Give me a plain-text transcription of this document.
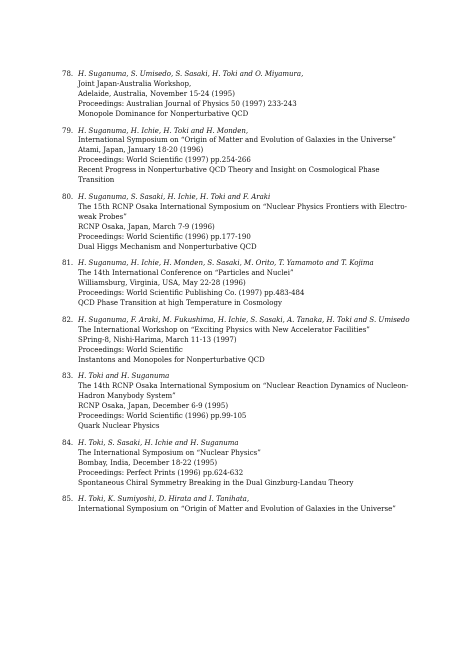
78. H. Suganuma, S. Umisedo, S. Sasaki, H. Toki and O. Miyamura,
Joint Japan-Australia Workshop,
Adelaide, Australia, November 15-24 (1995)
Proceedings: Australian Journal of Physics 50 (1997) 233-243
Monopole Dominance for Nonperturbative QCD
79. H. Suganuma, H. Ichie, H. Toki and H. Monden,
International Symposium on “Origin of Matter and Evolution of Galaxies in the Universe”
Atami, Japan, January 18-20 (1996)
Proceedings: World Scientific (1997) pp.254-266
Recent Progress in Nonperturbative QCD Theory and Insight on Cosmological Phase Transition
80. H. Suganuma, S. Sasaki, H. Ichie, H. Toki and F. Araki
The 15th RCNP Osaka International Symposium on “Nuclear Physics Frontiers with Electro-weak Probes”
RCNP Osaka, Japan, March 7-9 (1996)
Proceedings: World Scientific (1996) pp.177-190
Dual Higgs Mechanism and Nonperturbative QCD
81. H. Suganuma, H. Ichie, H. Monden, S. Sasaki, M. Orito, T. Yamamoto and T. Kojima
The 14th International Conference on “Particles and Nuclei”
Williamsburg, Virginia, USA, May 22-28 (1996)
Proceedings: World Scientific Publishing Co. (1997) pp.483-484
QCD Phase Transition at high Temperature in Cosmology
82. H. Suganuma, F. Araki, M. Fukushima, H. Ichie, S. Sasaki, A. Tanaka, H. Toki and S. Umisedo
The International Workshop on “Exciting Physics with New Accelerator Facilities”
SPring-8, Nishi-Harima, March 11-13 (1997)
Proceedings: World Scientific
Instantons and Monopoles for Nonperturbative QCD
83. H. Toki and H. Suganuma
The 14th RCNP Osaka International Symposium on “Nuclear Reaction Dynamics of Nucleon-Hadron Manybody System”
RCNP Osaka, Japan, December 6-9 (1995)
Proceedings: World Scientific (1996) pp.99-105
Quark Nuclear Physics
84. H. Toki, S. Sasaki, H. Ichie and H. Suganuma
The International Symposium on “Nuclear Physics”
Bombay, India, December 18-22 (1995)
Proceedings: Perfect Prints (1996) pp.624-632
Spontaneous Chiral Symmetry Breaking in the Dual Ginzburg-Landau Theory
85. H. Toki, K. Sumiyoshi, D. Hirata and I. Tanihata,
International Symposium on “Origin of Matter and Evolution of Galaxies in the Universe”
